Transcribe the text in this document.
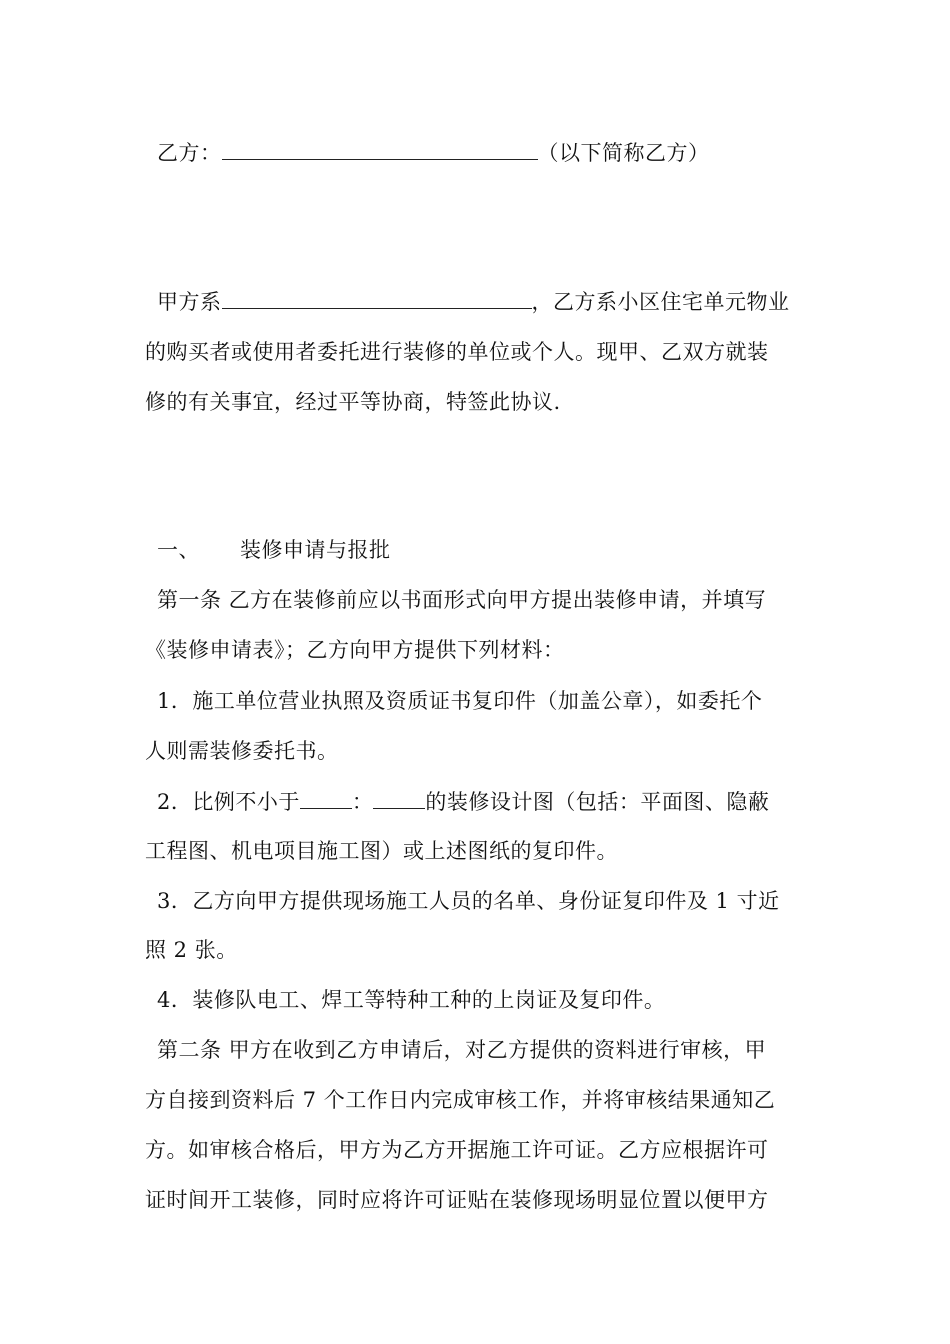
乙方：	（以下简称乙方）
甲方系	，乙方系小区住宅单元物业
的购买者或使用者委托进行装修的单位或个人。现甲、乙双方就装
修的有关事宜，经过平等协商，特签此协议.
一、 装修申请与报批
第一条 乙方在装修前应以书面形式向甲方提出装修申请，并填写
《装修申请表》；乙方向甲方提供下列材料：
1．施工单位营业执照及资质证书复印件（加盖公章），如委托个
人则需装修委托书。
2．比例不小于 ： 的装修设计图（包括：平面图、隐蔽
工程图、机电项目施工图）或上述图纸的复印件。
3．乙方向甲方提供现场施工人员的名单、身份证复印件及 1 寸近
照 2 张。
4．装修队电工、焊工等特种工种的上岗证及复印件。
第二条 甲方在收到乙方申请后，对乙方提供的资料进行审核，甲
方自接到资料后 7 个工作日内完成审核工作，并将审核结果通知乙
方。如审核合格后，甲方为乙方开据施工许可证。乙方应根据许可
证时间开工装修，同时应将许可证贴在装修现场明显位置以便甲方
